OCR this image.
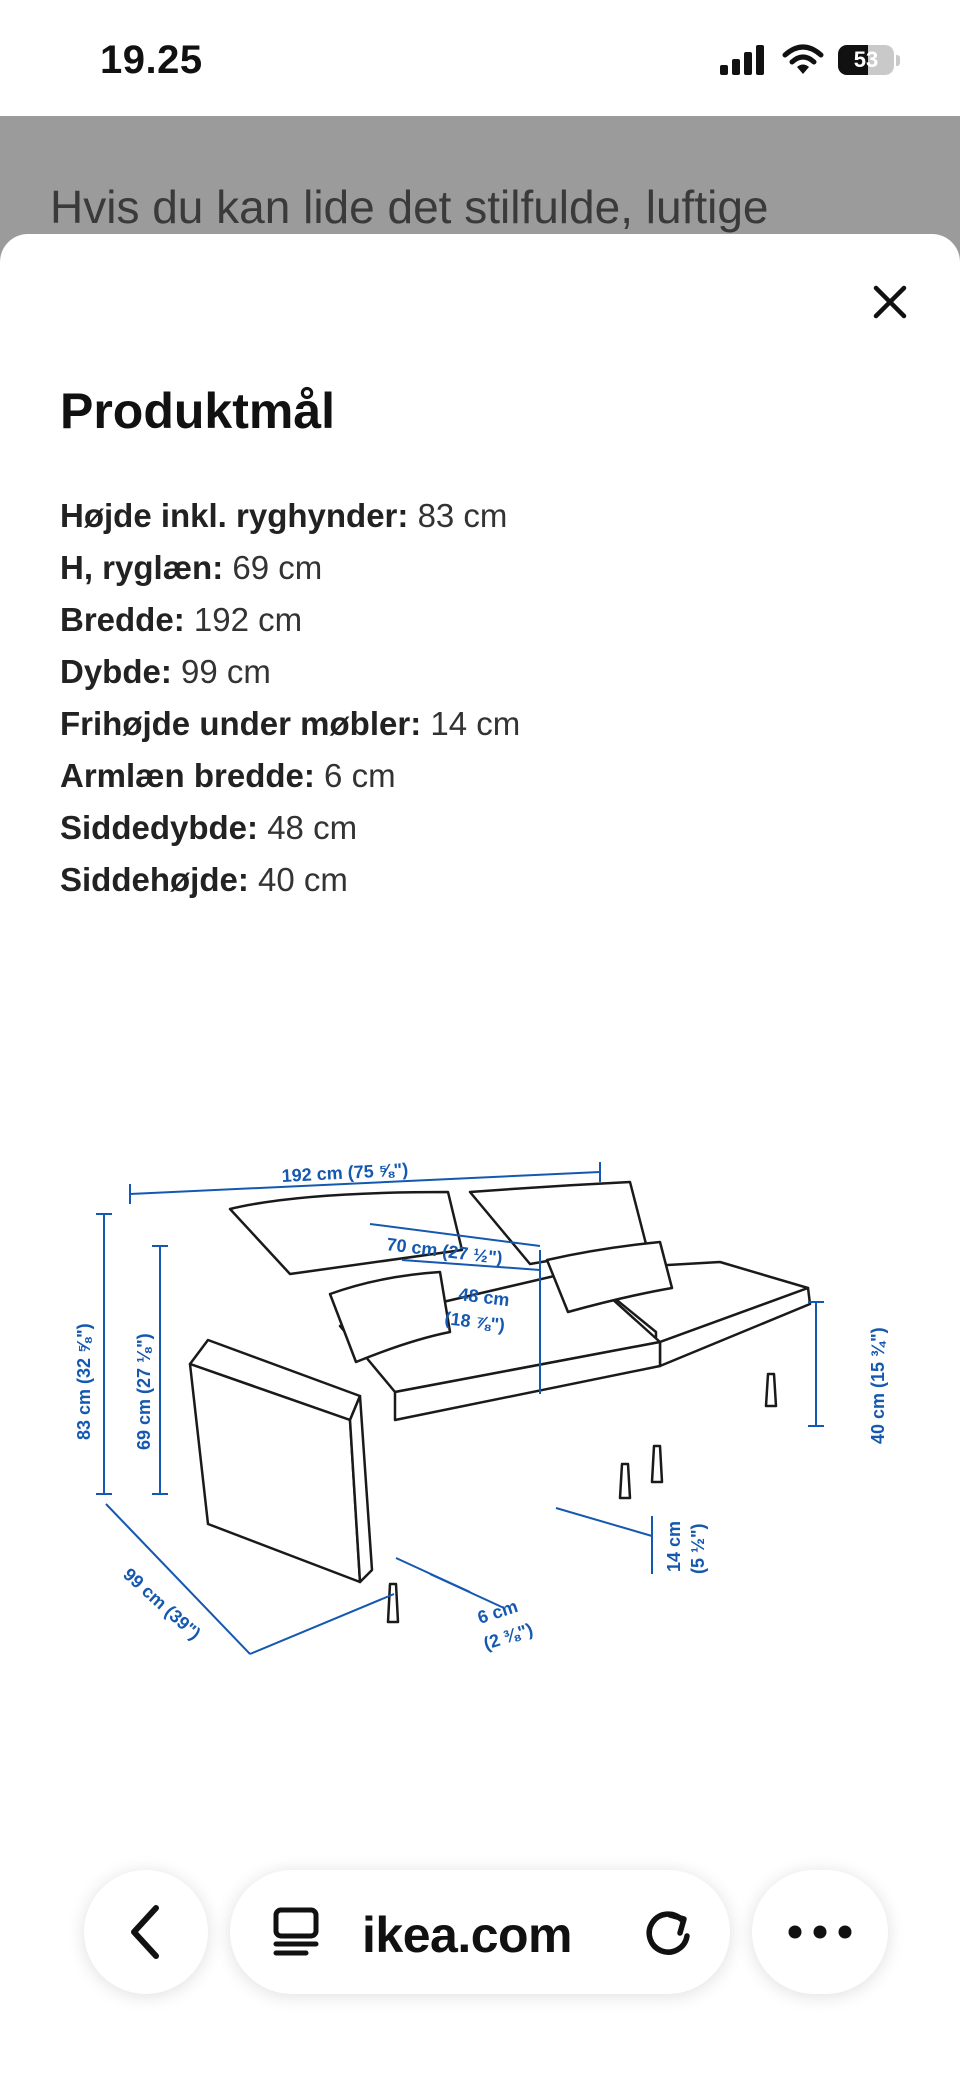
19.25	53
Hvis du kan lide det stilfulde, luftige
Produktmål
Højde inkl. ryghynder: 83 cm
H, ryglæn: 69 cm
Bredde: 192 cm
Dybde: 99 cm
Frihøjde under møbler: 14 cm
Armlæn bredde: 6 cm
Siddedybde: 48 cm
Siddehøjde: 40 cm
192 cm (75 ⅝")
70 cm (27 ½")
48 cm
(18 ⅞")
83 cm (32 ⅝") 69 cm (27 ⅛")
99 cm (39")	6 cm
(2 ⅜")
14 cm (5 ½")
40 cm (15 ¾")
ikea.com
